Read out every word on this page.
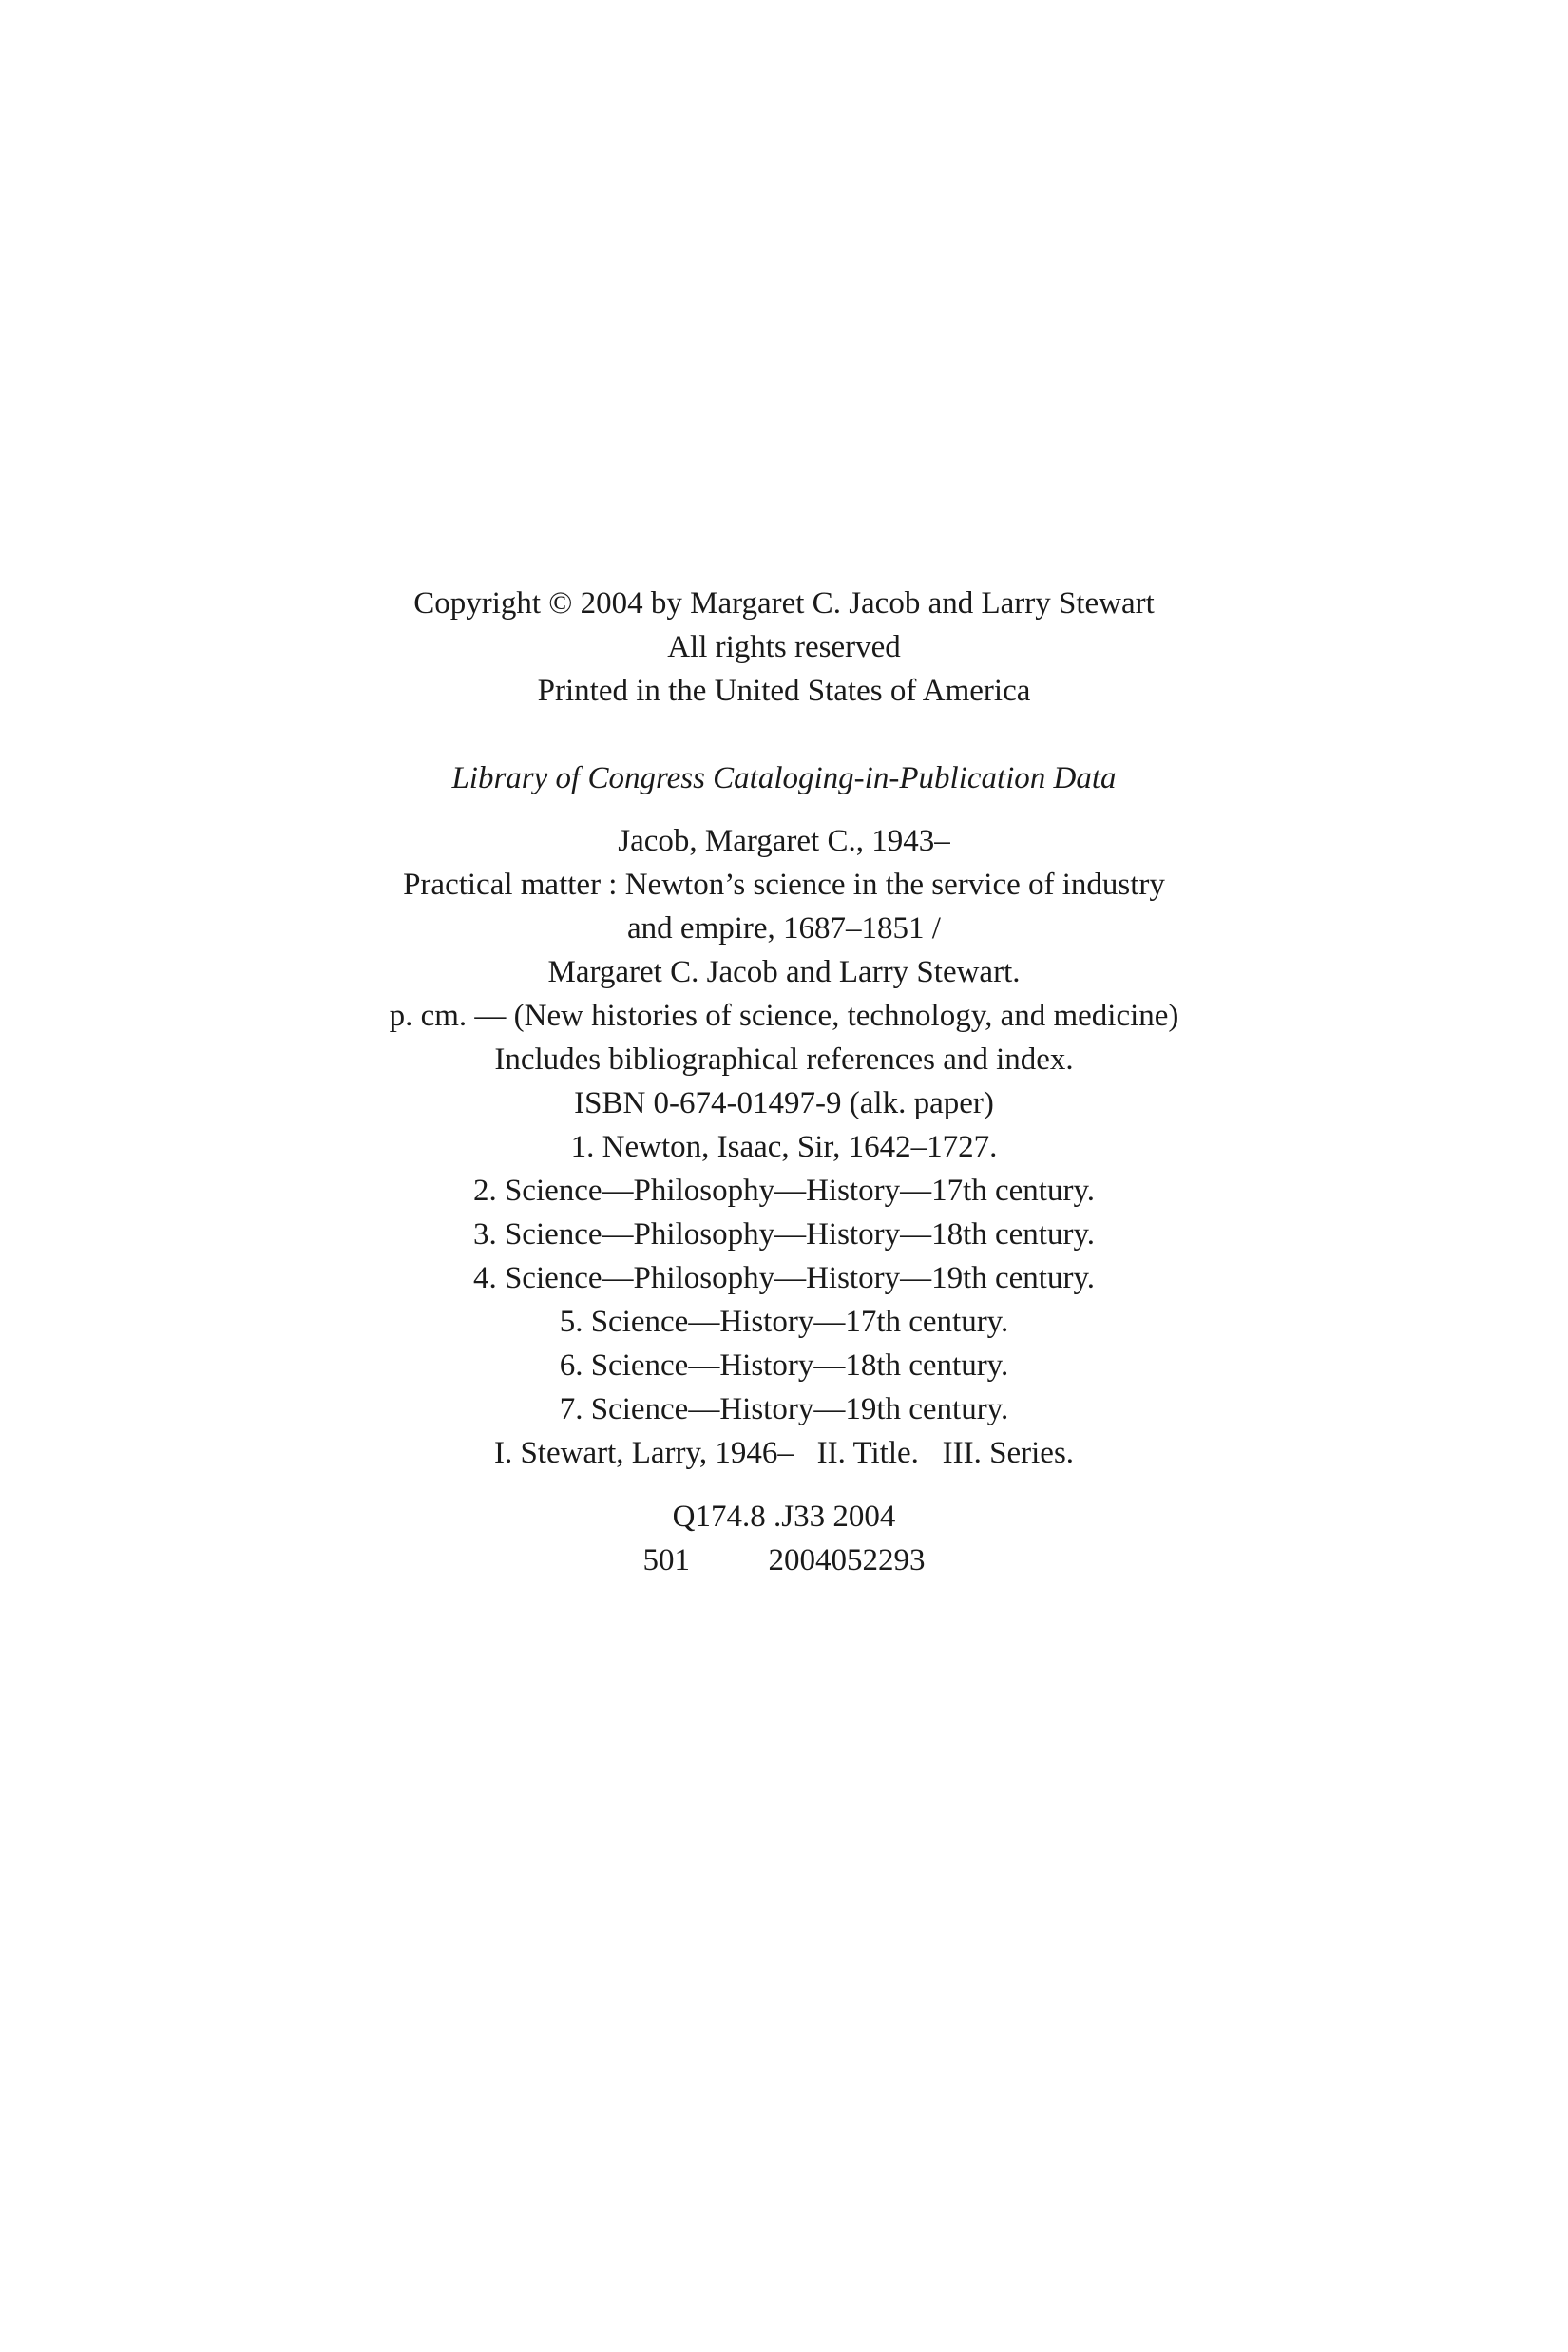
Copyright © 2004 by Margaret C. Jacob and Larry Stewart
All rights reserved
Printed in the United States of America
Library of Congress Cataloging-in-Publication Data
Jacob, Margaret C., 1943–
Practical matter : Newton’s science in the service of industry
and empire, 1687–1851 /
Margaret C. Jacob and Larry Stewart.
p. cm. — (New histories of science, technology, and medicine)
Includes bibliographical references and index.
ISBN 0-674-01497-9 (alk. paper)
1. Newton, Isaac, Sir, 1642–1727.
2. Science—Philosophy—History—17th century.
3. Science—Philosophy—History—18th century.
4. Science—Philosophy—History—19th century.
5. Science—History—17th century.
6. Science—History—18th century.
7. Science—History—19th century.
I. Stewart, Larry, 1946–   II. Title.   III. Series.
Q174.8 .J33 2004
501	2004052293
